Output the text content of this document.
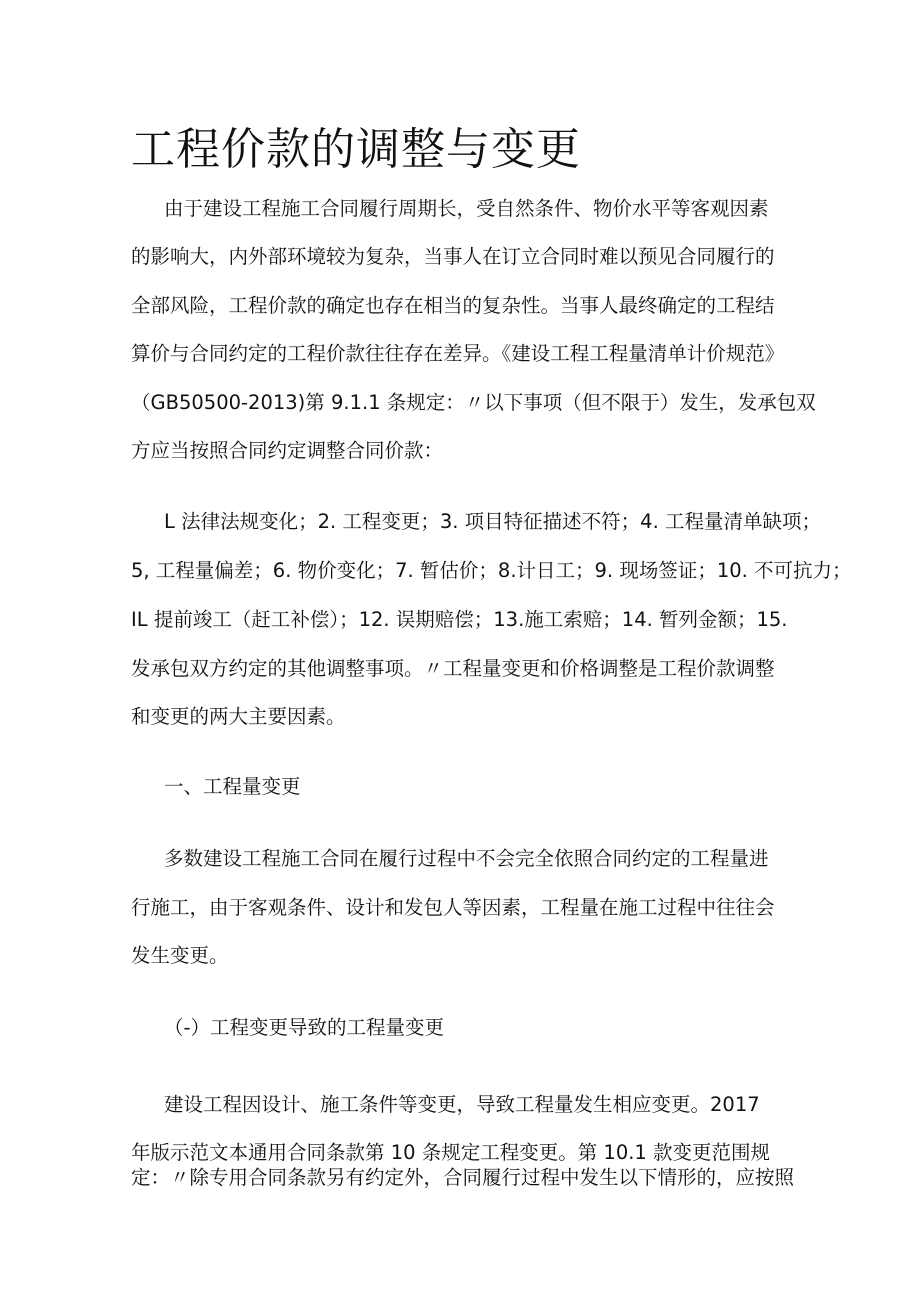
工程价款的调整与变更

由于建设工程施工合同履行周期长，受自然条件、物价水平等客观因素

的影响大，内外部环境较为复杂，当事人在订立合同时难以预见合同履行的

全部风险，工程价款的确定也存在相当的复杂性。当事人最终确定的工程结

算价与合同约定的工程价款往往存在差异。《建设工程工程量清单计价规范》

（GB50500-2013)第 9.1.1 条规定：〃以下事项（但不限于）发生，发承包双

方应当按照合同约定调整合同价款：

L 法律法规变化；2. 工程变更；3. 项目特征描述不符；4. 工程量清单缺项；

5, 工程量偏差；6. 物价变化；7. 暂估价；8.计日工；9. 现场签证；10. 不可抗力；

IL 提前竣工（赶工补偿）；12. 误期赔偿；13.施工索赔；14. 暂列金额；15.

发承包双方约定的其他调整事项。〃工程量变更和价格调整是工程价款调整

和变更的两大主要因素。

一、工程量变更

多数建设工程施工合同在履行过程中不会完全依照合同约定的工程量进

行施工，由于客观条件、设计和发包人等因素，工程量在施工过程中往往会

发生变更。

（-）工程变更导致的工程量变更

建设工程因设计、施工条件等变更，导致工程量发生相应变更。2017

年版示范文本通用合同条款第 10 条规定工程变更。第 10.1 款变更范围规

定：〃除专用合同条款另有约定外，合同履行过程中发生以下情形的，应按照
